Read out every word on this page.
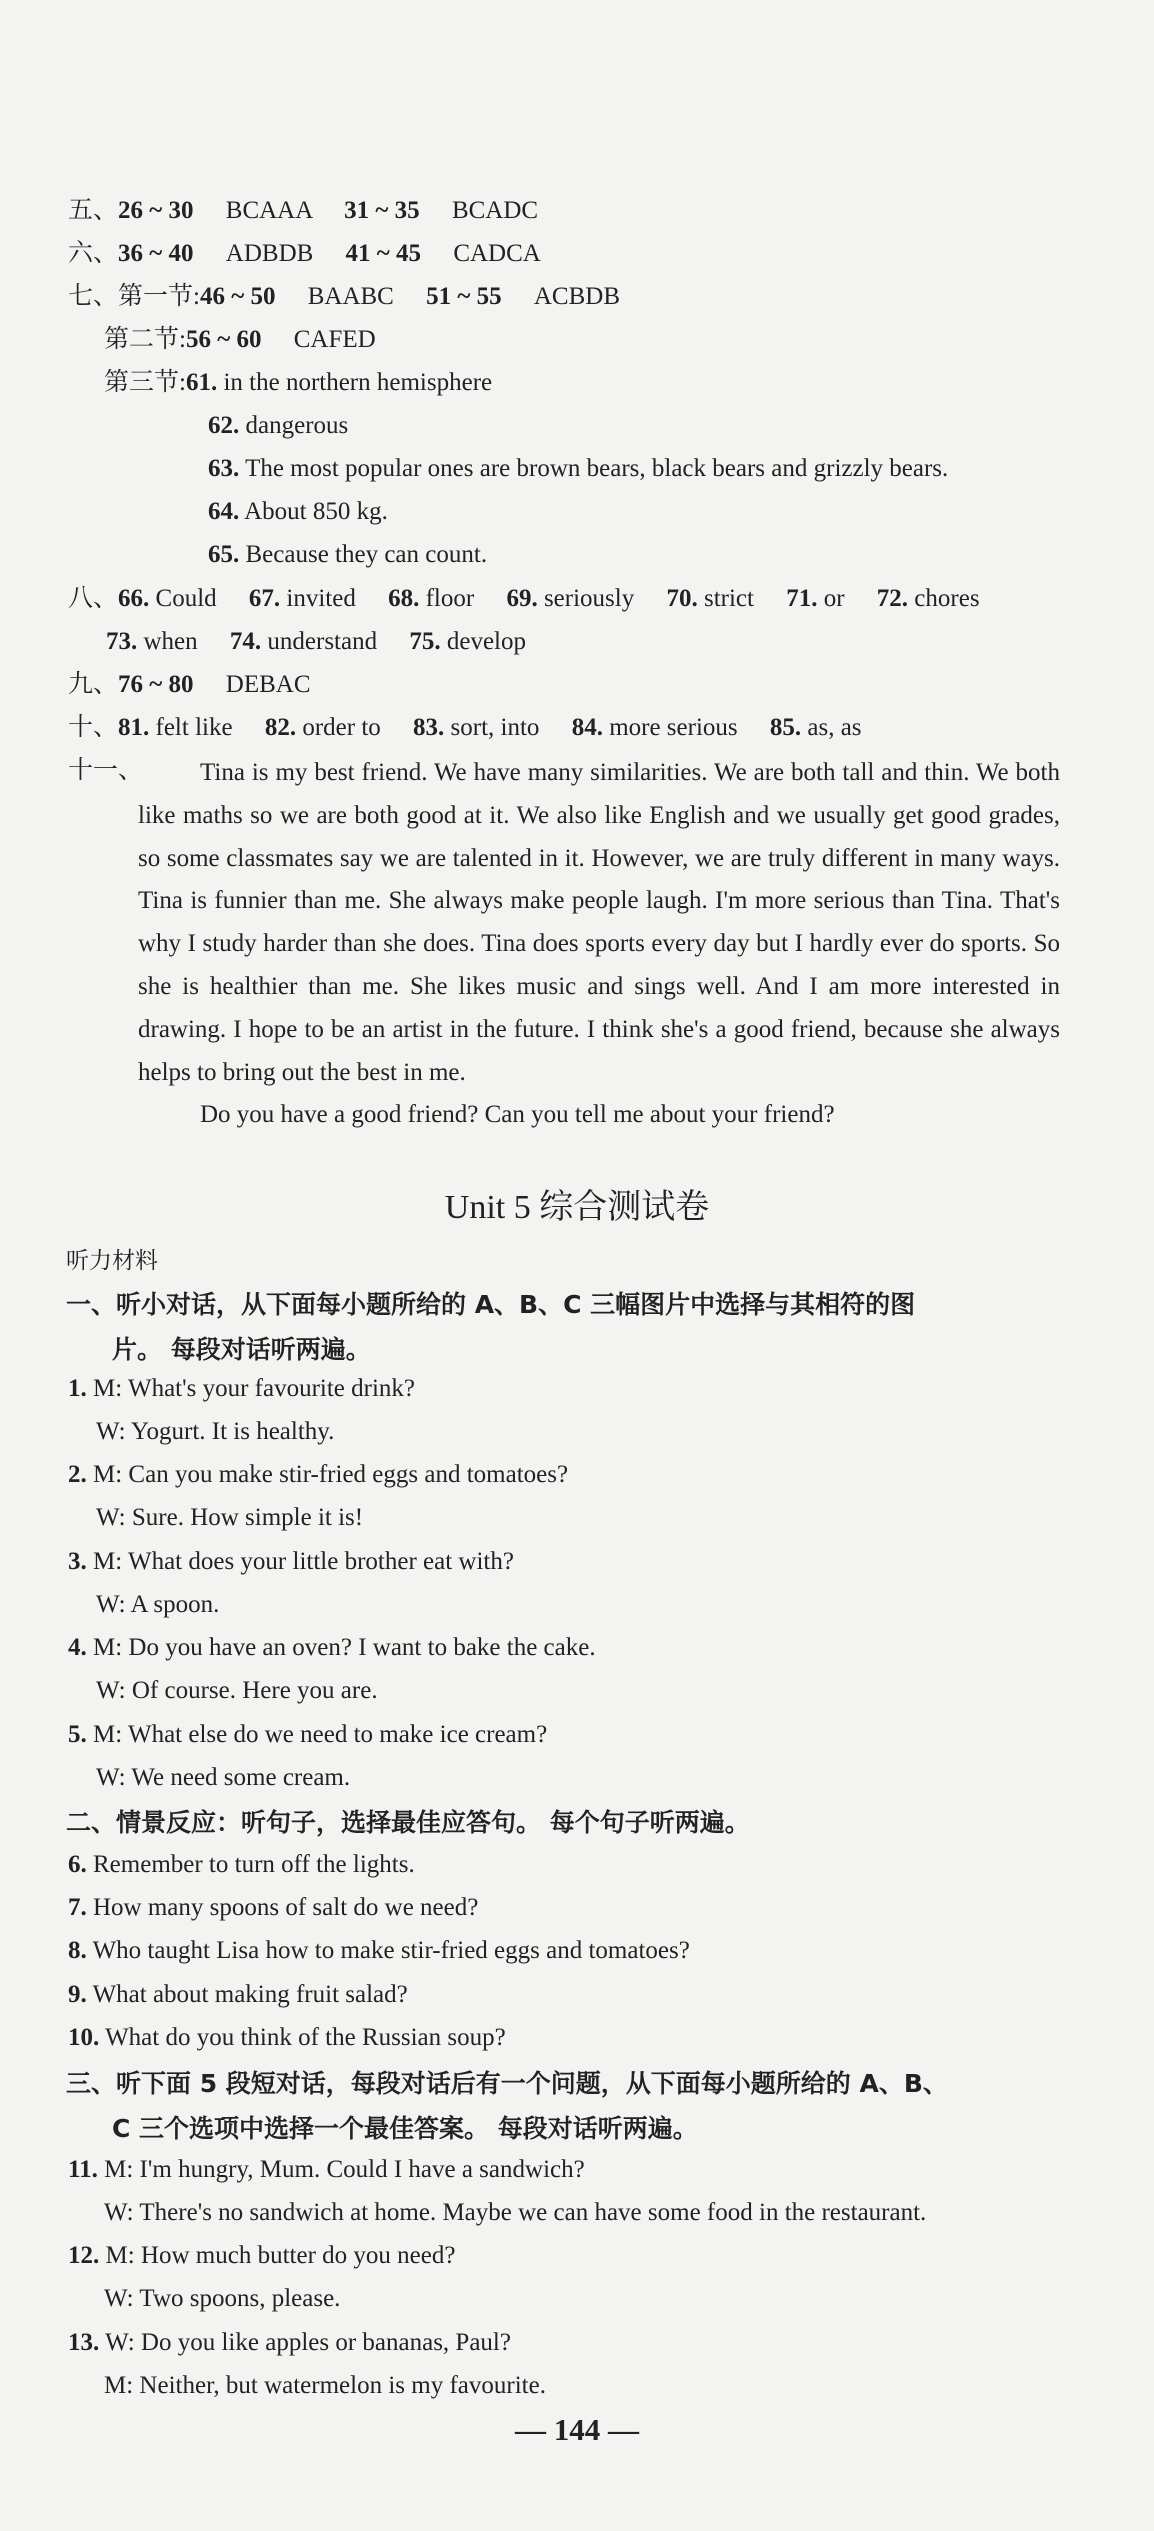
五、26 ~ 30 BCAAA 31 ~ 35 BCADC
六、36 ~ 40 ADBDB 41 ~ 45 CADCA
七、第一节:46 ~ 50 BAABC 51 ~ 55 ACBDB
第二节:56 ~ 60 CAFED
第三节:61. in the northern hemisphere
62. dangerous
63. The most popular ones are brown bears, black bears and grizzly bears.
64. About 850 kg.
65. Because they can count.
八、66. Could 67. invited 68. floor 69. seriously 70. strict 71. or 72. chores
73. when 74. understand 75. develop
九、76 ~ 80 DEBAC
十、81. felt like 82. order to 83. sort, into 84. more serious 85. as, as
十一、	Tina is my best friend. We have many similarities. We are both tall and thin. We both like maths so we are both good at it. We also like English and we usually get good grades, so some classmates say we are talented in it. However, we are truly different in many ways. Tina is funnier than me. She always make people laugh. I'm more serious than Tina. That's why I study harder than she does. Tina does sports every day but I hardly ever do sports. So she is healthier than me. She likes music and sings well. And I am more interested in drawing. I hope to be an artist in the future. I think she's a good friend, because she always helps to bring out the best in me.

Do you have a good friend? Can you tell me about your friend?

Unit 5 综合测试卷
听力材料
一、听小对话，从下面每小题所给的 A、B、C 三幅图片中选择与其相符的图
片。 每段对话听两遍。
1. M: What's your favourite drink?
W: Yogurt. It is healthy.
2. M: Can you make stir-fried eggs and tomatoes?
W: Sure. How simple it is!
3. M: What does your little brother eat with?
W: A spoon.
4. M: Do you have an oven? I want to bake the cake.
W: Of course. Here you are.
5. M: What else do we need to make ice cream?
W: We need some cream.
二、情景反应：听句子，选择最佳应答句。 每个句子听两遍。
6. Remember to turn off the lights.
7. How many spoons of salt do we need?
8. Who taught Lisa how to make stir-fried eggs and tomatoes?
9. What about making fruit salad?
10. What do you think of the Russian soup?
三、听下面 5 段短对话，每段对话后有一个问题，从下面每小题所给的 A、B、
C 三个选项中选择一个最佳答案。 每段对话听两遍。
11. M: I'm hungry, Mum. Could I have a sandwich?
W: There's no sandwich at home. Maybe we can have some food in the restaurant.
12. M: How much butter do you need?
W: Two spoons, please.
13. W: Do you like apples or bananas, Paul?
M: Neither, but watermelon is my favourite.
— 144 —
